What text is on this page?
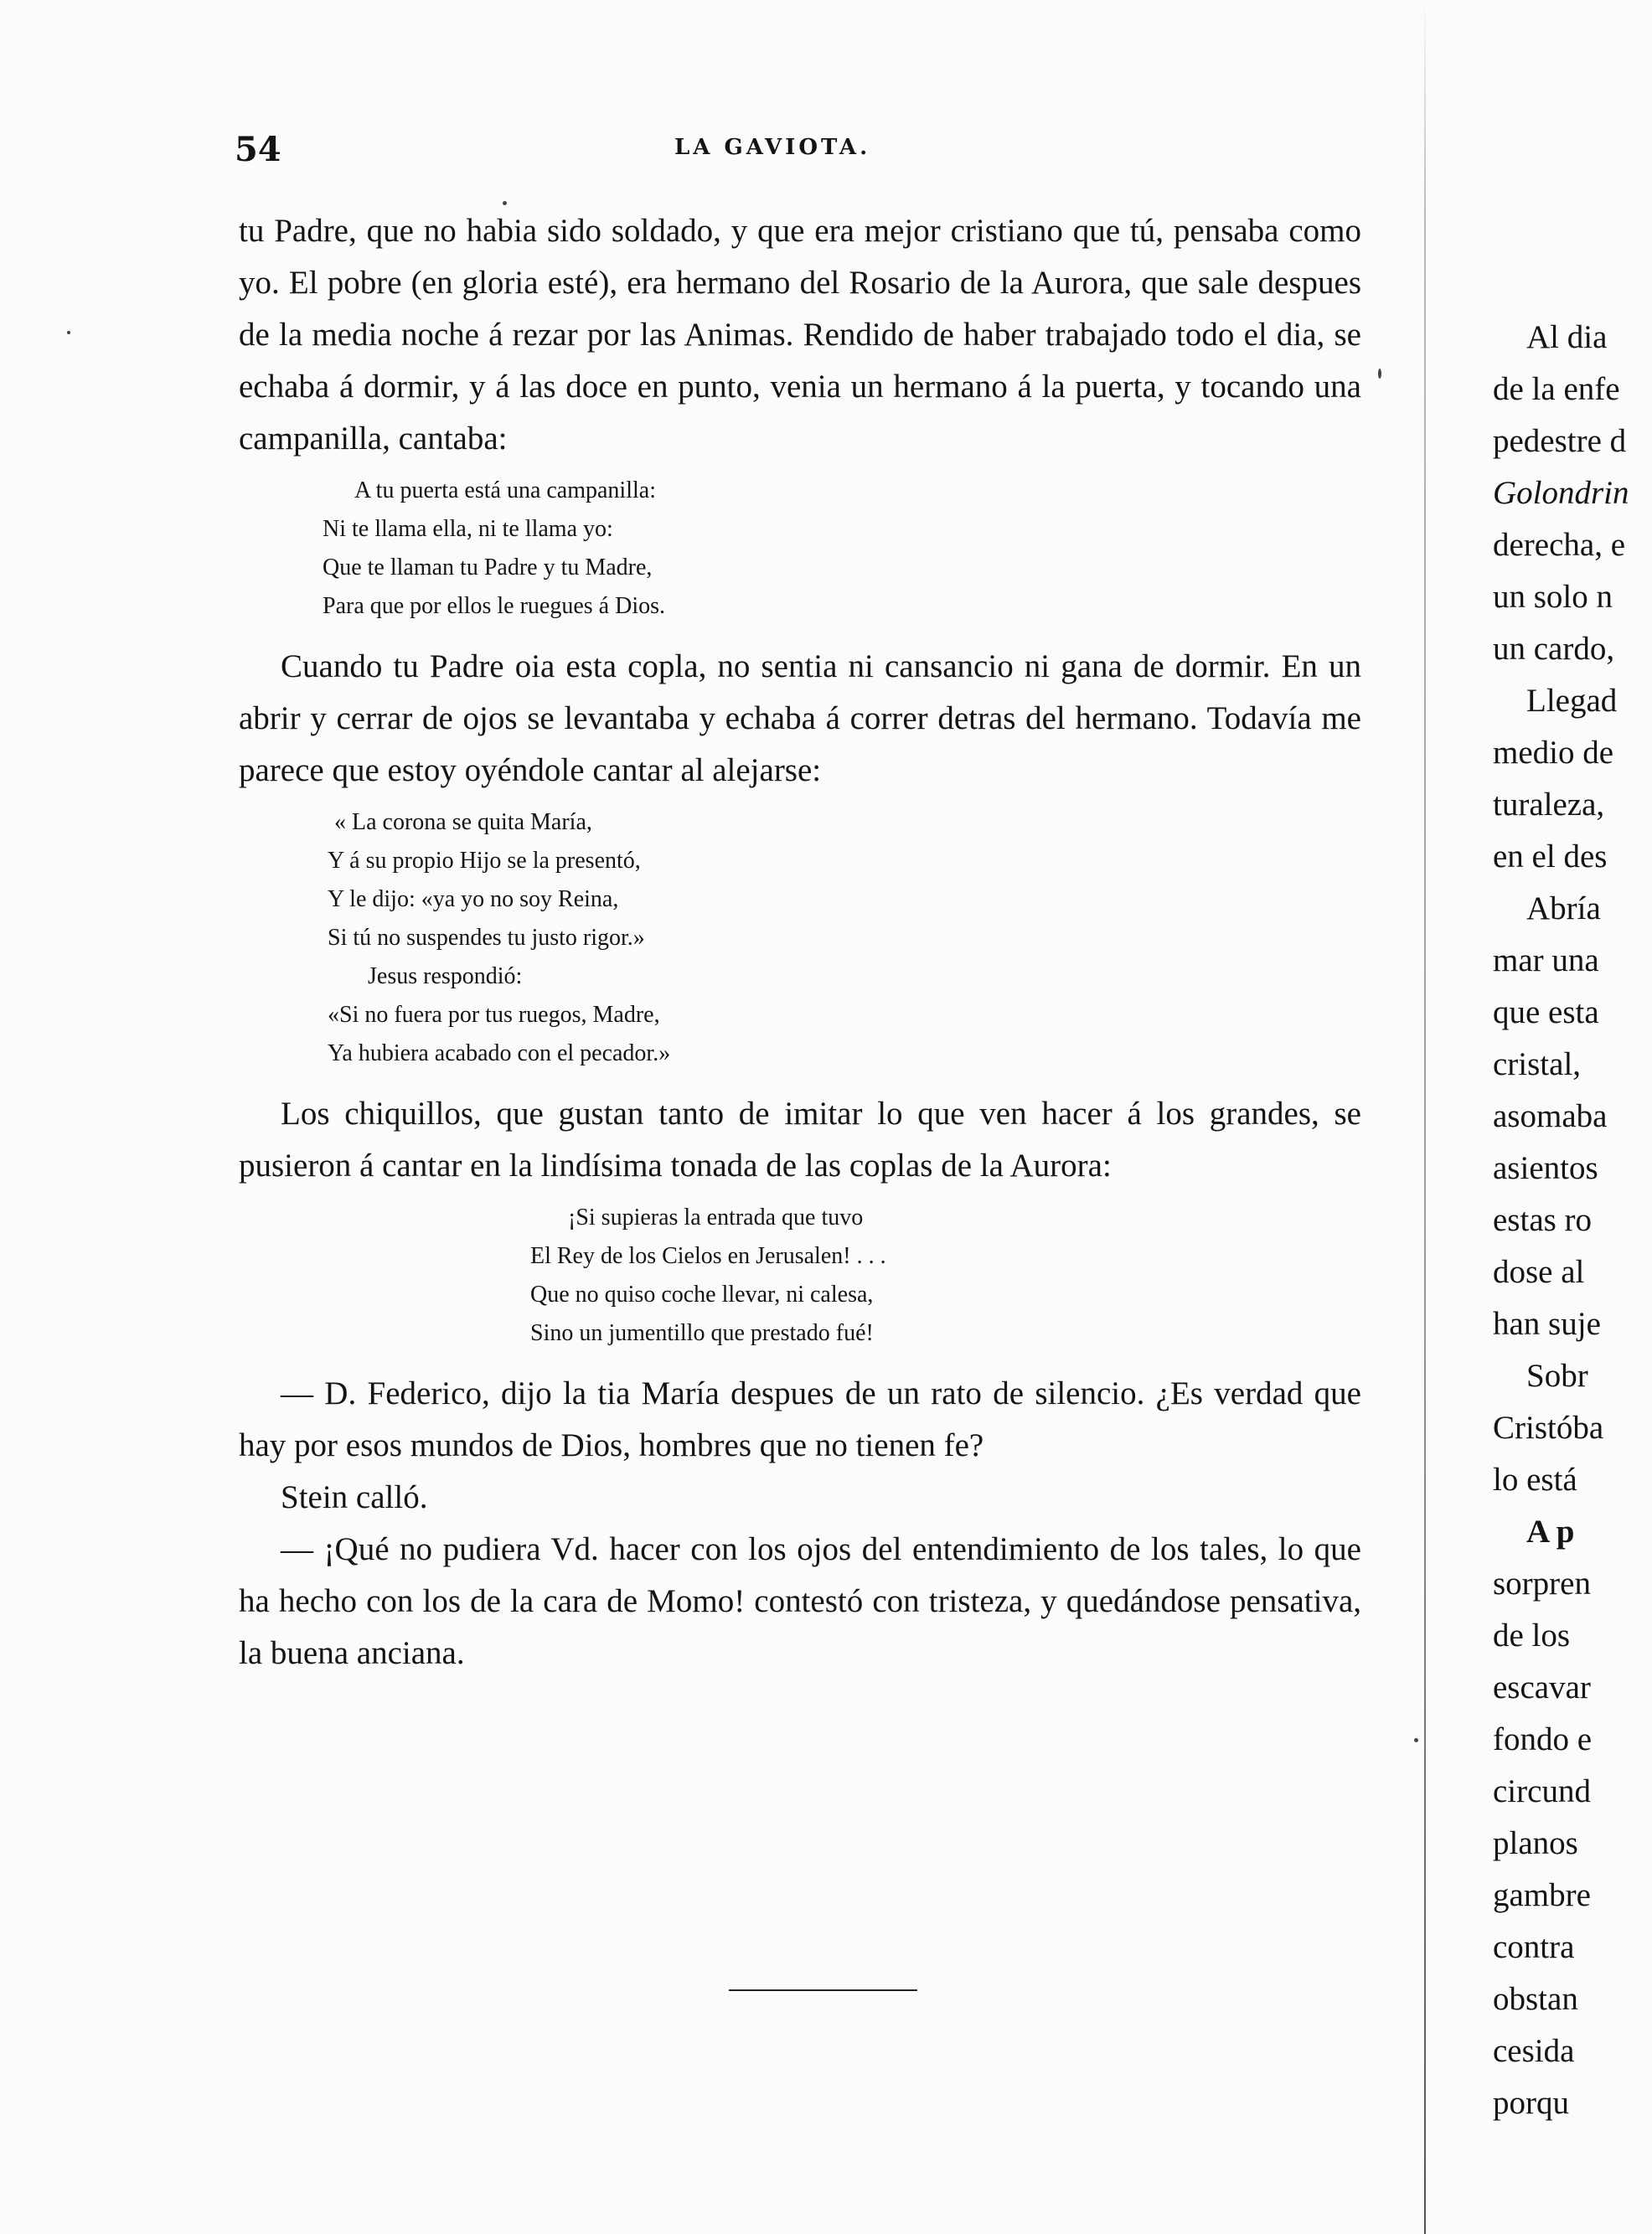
54	LA GAVIOTA.

tu Padre, que no habia sido soldado, y que era mejor cristiano que tú, pensaba como yo. El pobre (en gloria esté), era hermano del Rosario de la Aurora, que sale despues de la media noche á rezar por las Animas. Rendido de haber trabajado todo el dia, se echaba á dormir, y á las doce en punto, venia un hermano á la puerta, y tocando una campanilla, cantaba:

A tu puerta está una campanilla:
Ni te llama ella, ni te llama yo:
Que te llaman tu Padre y tu Madre,
Para que por ellos le ruegues á Dios.

Cuando tu Padre oia esta copla, no sentia ni cansancio ni gana de dormir. En un abrir y cerrar de ojos se levantaba y echaba á correr detras del hermano. Todavía me parece que estoy oyéndole cantar al alejarse:

« La corona se quita María,
Y á su propio Hijo se la presentó,
Y le dijo: «ya yo no soy Reina,
Si tú no suspendes tu justo rigor.»
Jesus respondió:
«Si no fuera por tus ruegos, Madre,
Ya hubiera acabado con el pecador.»

Los chiquillos, que gustan tanto de imitar lo que ven hacer á los grandes, se pusieron á cantar en la lindísima tonada de las coplas de la Aurora:

¡Si supieras la entrada que tuvo
El Rey de los Cielos en Jerusalen! . . .
Que no quiso coche llevar, ni calesa,
Sino un jumentillo que prestado fué!

— D. Federico, dijo la tia María despues de un rato de silencio. ¿Es verdad que hay por esos mundos de Dios, hombres que no tienen fe?

Stein calló.

— ¡Qué no pudiera Vd. hacer con los ojos del entendimiento de los tales, lo que ha hecho con los de la cara de Momo! contestó con tristeza, y quedándose pensativa, la buena anciana.

Al dia
de la enfe
pedestre d
Golondrin
derecha, e
un solo n
un cardo,
Llegad
medio de
turaleza,
en el des
Abría
mar una
que esta
cristal,
asomaba
asientos
estas ro
dose al
han suje
Sobr
Cristóba
lo está
A p
sorpren
de los
escavar
fondo e
circund
planos
gambre
contra
obstan
cesida
porqu
